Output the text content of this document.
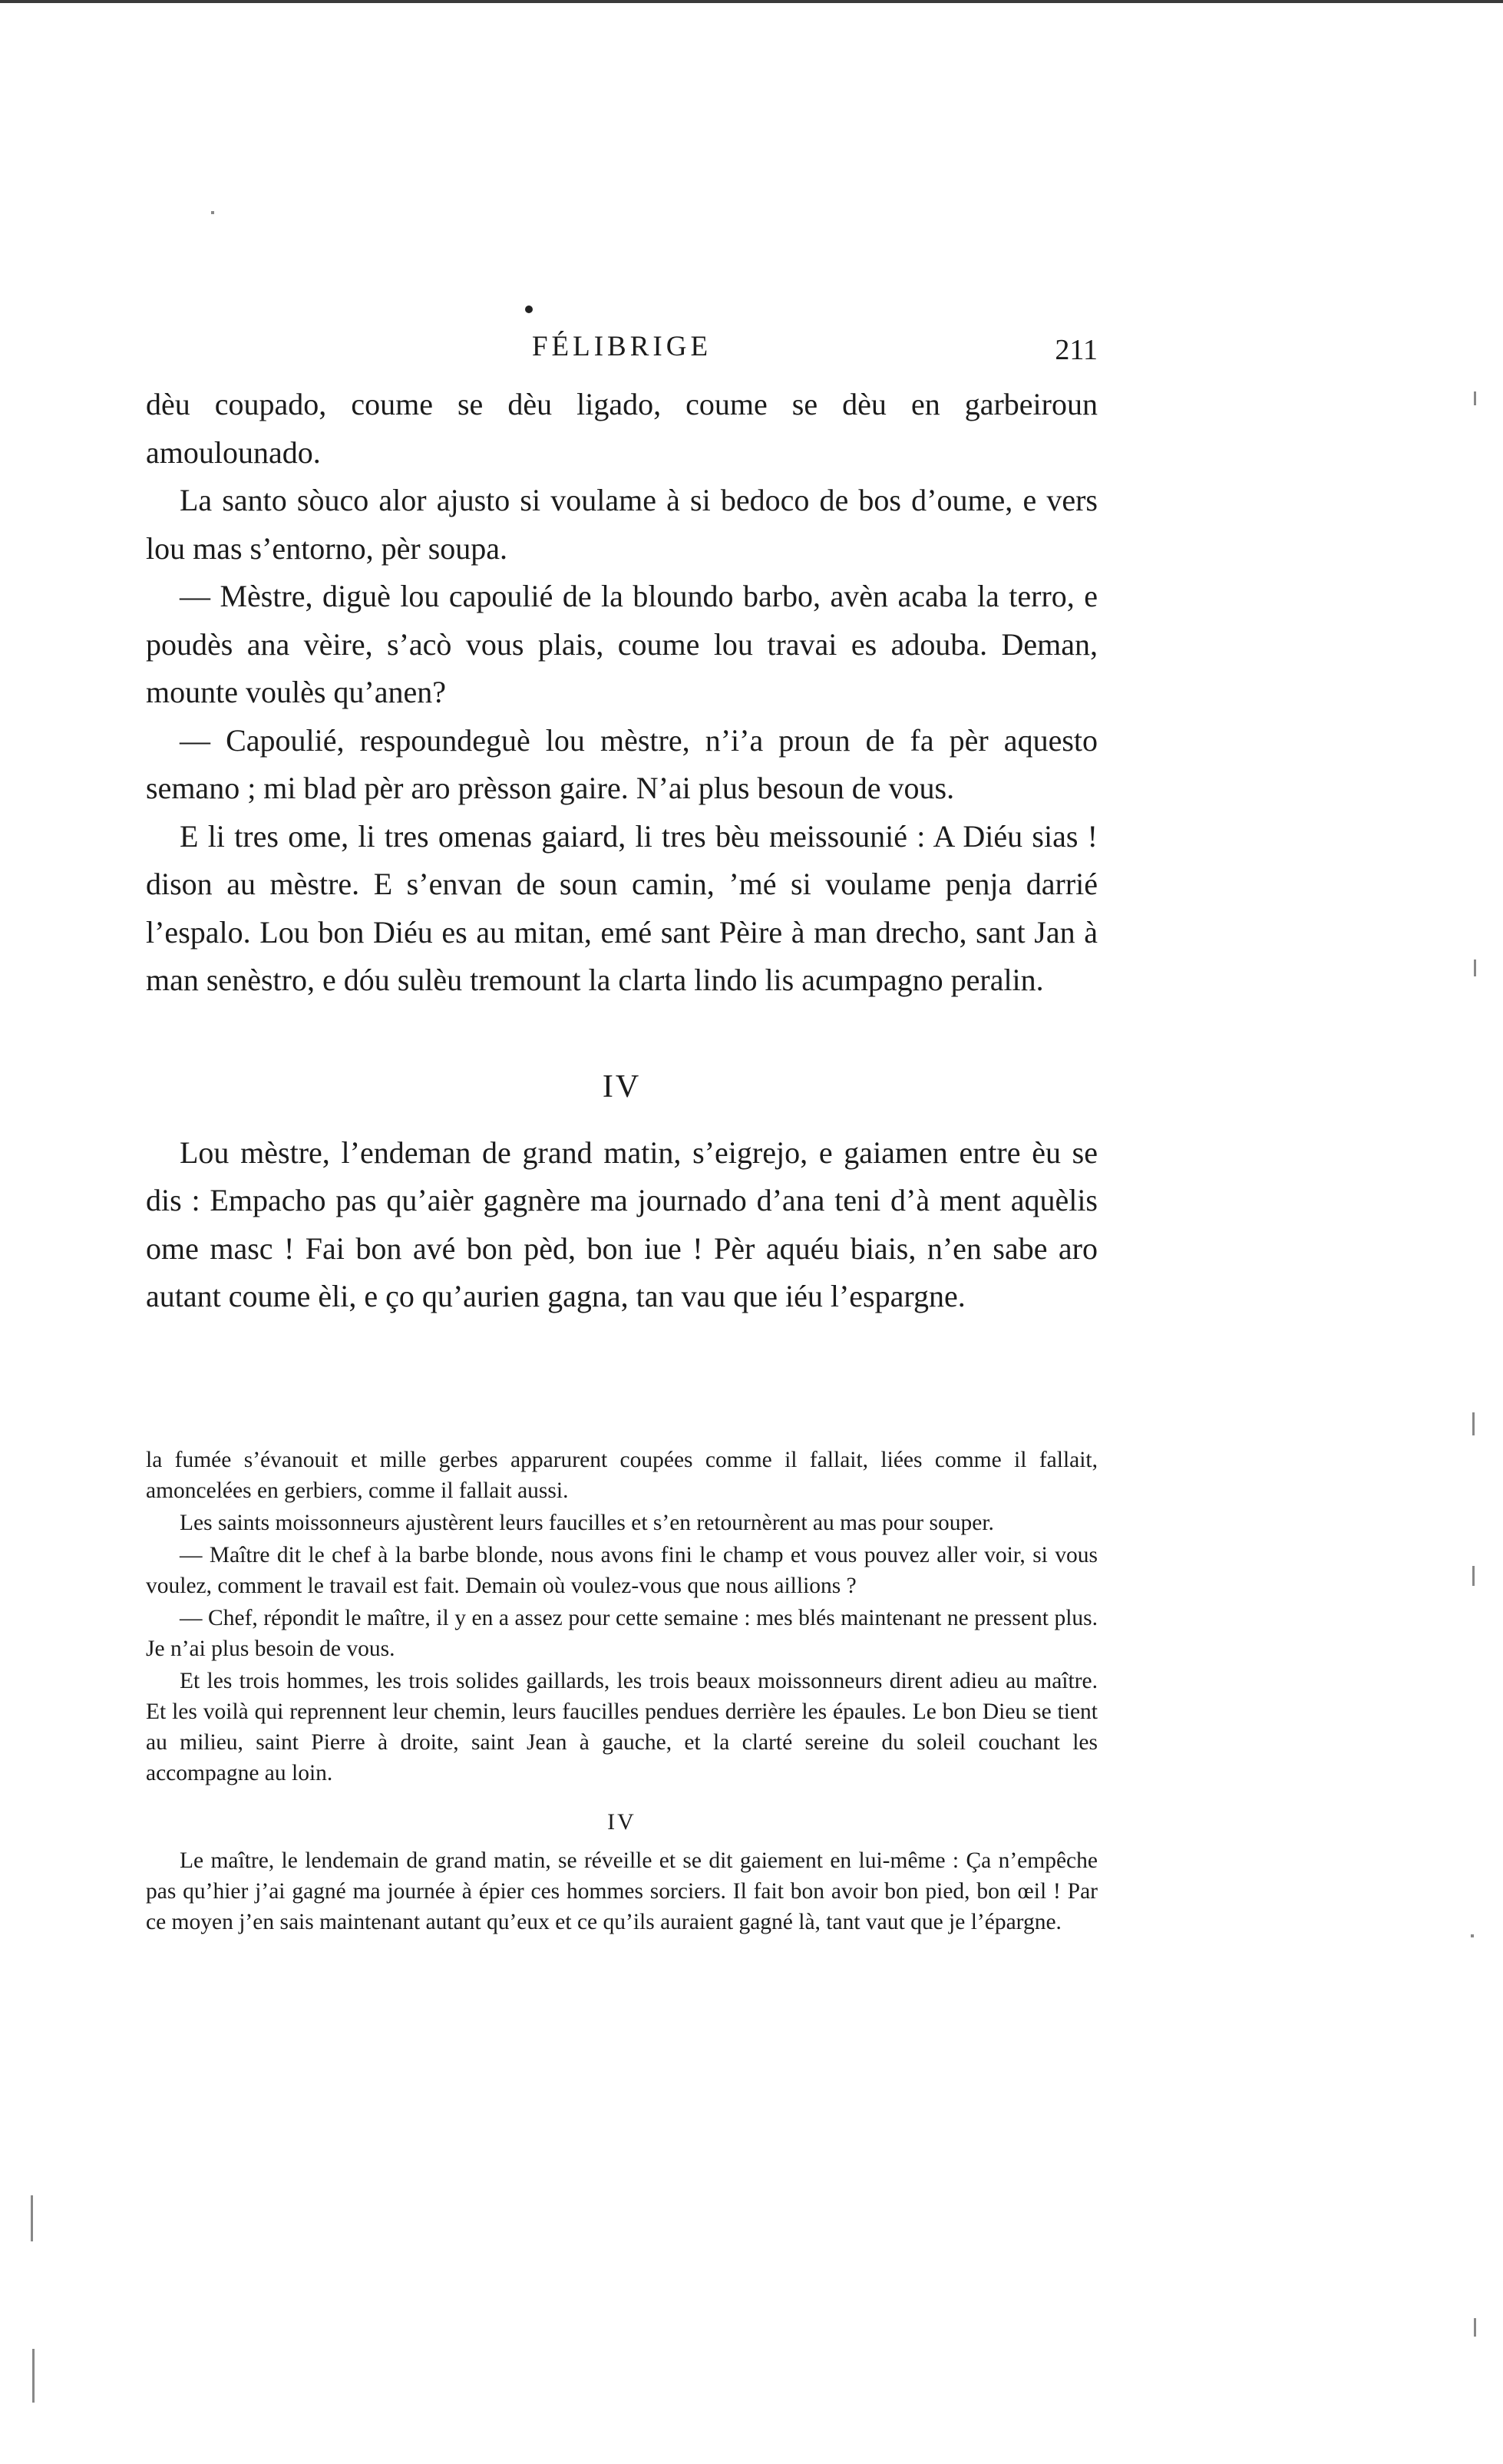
FÉLIBRIGE	211

dèu coupado, coume se dèu ligado, coume se dèu en garbeiroun amoulounado.

La santo sòuco alor ajusto si voulame à si bedoco de bos d’oume, e vers lou mas s’entorno, pèr soupa.

— Mèstre, diguè lou capoulié de la bloundo barbo, avèn acaba la terro, e poudès ana vèire, s’acò vous plais, coume lou travai es adouba. Deman, mounte voulès qu’anen?

— Capoulié, respoundeguè lou mèstre, n’i’a proun de fa pèr aquesto semano ; mi blad pèr aro prèsson gaire. N’ai plus besoun de vous.

E li tres ome, li tres omenas gaiard, li tres bèu meissounié : A Diéu sias ! dison au mèstre. E s’envan de soun camin, ’mé si voulame penja darrié l’espalo. Lou bon Diéu es au mitan, emé sant Pèire à man drecho, sant Jan à man senèstro, e dóu sulèu tremount la clarta lindo lis acumpagno peralin.

IV

Lou mèstre, l’endeman de grand matin, s’eigrejo, e gaiamen entre èu se dis : Empacho pas qu’aièr gagnère ma journado d’ana teni d’à ment aquèlis ome masc ! Fai bon avé bon pèd, bon iue ! Pèr aquéu biais, n’en sabe aro autant coume èli, e ço qu’aurien gagna, tan vau que iéu l’espargne.

la fumée s’évanouit et mille gerbes apparurent coupées comme il fallait, liées comme il fallait, amoncelées en gerbiers, comme il fallait aussi.

Les saints moissonneurs ajustèrent leurs faucilles et s’en retournèrent au mas pour souper.

— Maître dit le chef à la barbe blonde, nous avons fini le champ et vous pouvez aller voir, si vous voulez, comment le travail est fait. Demain où voulez-vous que nous aillions ?

— Chef, répondit le maître, il y en a assez pour cette semaine : mes blés maintenant ne pressent plus. Je n’ai plus besoin de vous.

Et les trois hommes, les trois solides gaillards, les trois beaux moissonneurs dirent adieu au maître. Et les voilà qui reprennent leur chemin, leurs faucilles pendues derrière les épaules. Le bon Dieu se tient au milieu, saint Pierre à droite, saint Jean à gauche, et la clarté sereine du soleil couchant les accompagne au loin.

IV

Le maître, le lendemain de grand matin, se réveille et se dit gaiement en lui-même : Ça n’empêche pas qu’hier j’ai gagné ma journée à épier ces hommes sorciers. Il fait bon avoir bon pied, bon œil ! Par ce moyen j’en sais maintenant autant qu’eux et ce qu’ils auraient gagné là, tant vaut que je l’épargne.
